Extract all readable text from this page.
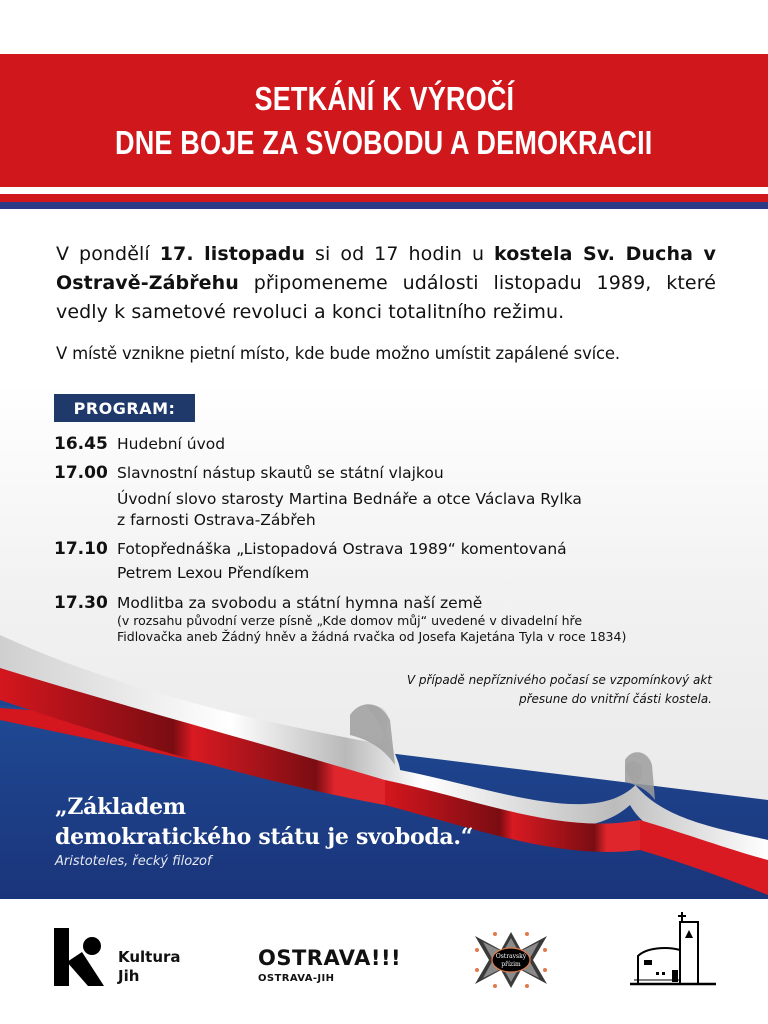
SETKÁNÍ K VÝROČÍ
DNE BOJE ZA SVOBODU A DEMOKRACII
V pondělí 17. listopadu si od 17 hodin u kostela Sv. Ducha v Ostravě-Zábřehu připomeneme události listopadu 1989, které vedly k sametové revoluci a konci totalitního režimu.
V místě vznikne pietní místo, kde bude možno umístit zapálené svíce.
PROGRAM:
16.45 Hudební úvod
17.00 Slavnostní nástup skautů se státní vlajkou
Úvodní slovo starosty Martina Bednáře a otce Václava Rylka
z farnosti Ostrava-Zábřeh
17.10 Fotopřednáška „Listopadová Ostrava 1989“ komentovaná
Petrem Lexou Přendíkem
17.30 Modlitba za svobodu a státní hymna naší země
(v rozsahu původní verze písně „Kde domov můj“ uvedené v divadelní hře
Fidlovačka aneb Žádný hněv a žádná rvačka od Josefa Kajetána Tyla v roce 1834)
V případě nepříznivého počasí se vzpomínkový akt
přesune do vnitřní části kostela.
„Základem
demokratického státu je svoboda.“
Aristoteles, řecký filozof
Kultura
Jih
OSTRAVA!!!
OSTRAVA-JIH
Ostravský
přízim
